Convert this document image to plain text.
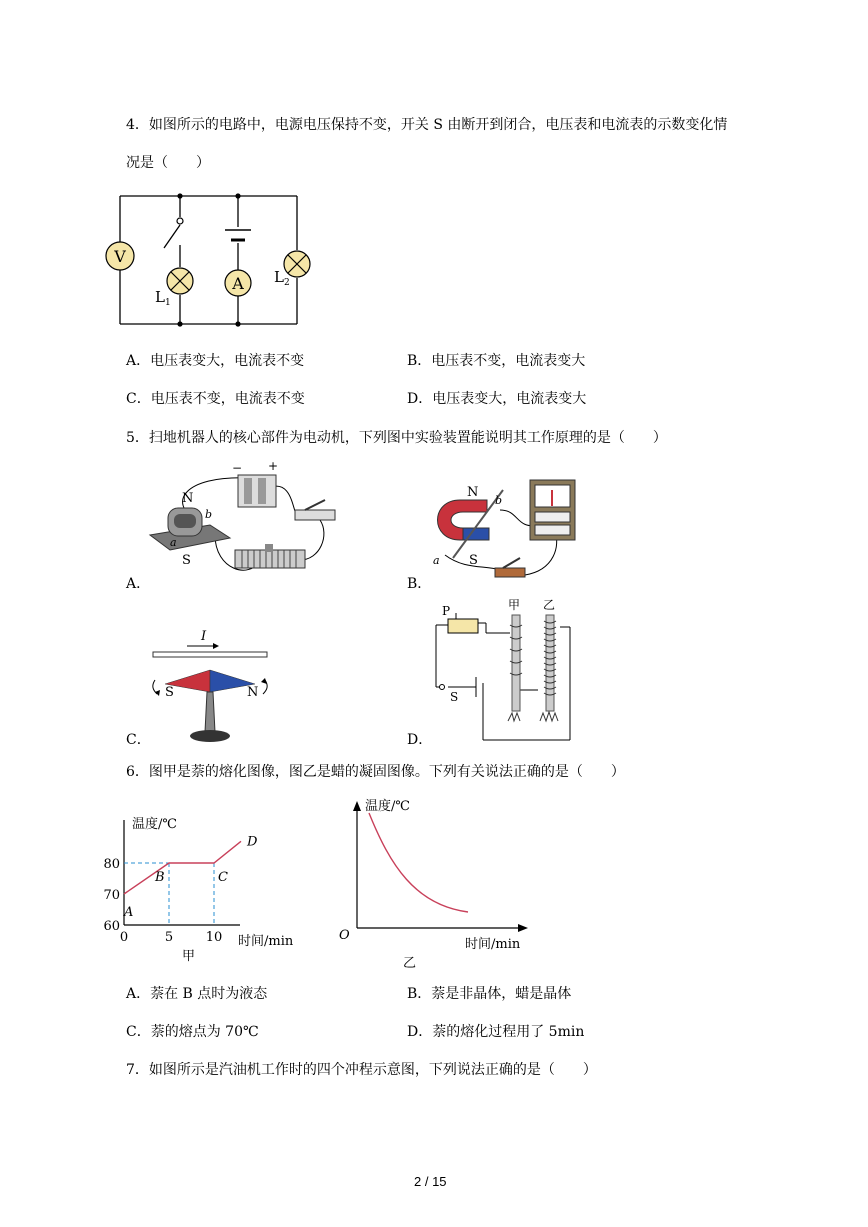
4．如图所示的电路中，电源电压保持不变，开关 S 由断开到闭合，电压表和电流表的示数变化情
况是（　　）
V
$L_1$
A $L_2$
A．电压表变大，电流表不变	B．电压表不变，电流表变大
C．电压表不变，电流表不变	D．电压表变大，电流表变大
5．扫地机器人的核心部件为电动机，下列图中实验装置能说明其工作原理的是（　　）
− +
N
S
a
b
A．
N
S
a
b
B．
I
S	N
C．
P
S
甲 乙
D．
6．图甲是萘的熔化图像，图乙是蜡的凝固图像。下列有关说法正确的是（　　）
温度/℃
时间/min
80
70
60
0	5	10
A
B	C
D
甲
温度/℃
时间/min
O
乙
A．萘在 B 点时为液态	B．萘是非晶体，蜡是晶体
C．萘的熔点为 70℃	D．萘的熔化过程用了 5min
7．如图所示是汽油机工作时的四个冲程示意图，下列说法正确的是（　　）
2 / 15
